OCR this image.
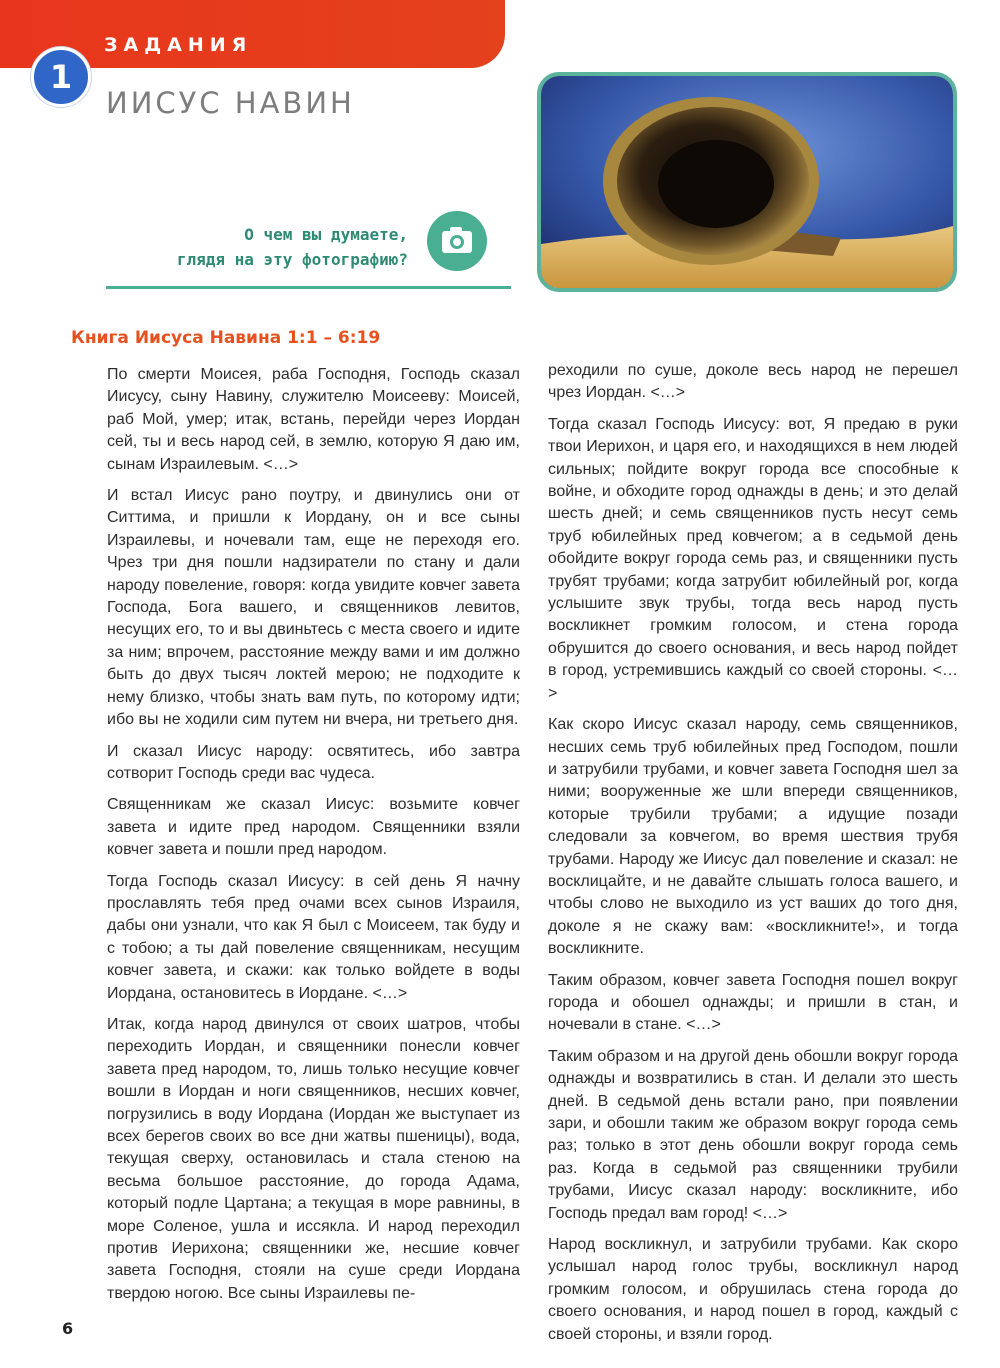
ЗАДАНИЯ
1
ИИСУС НАВИН
О чем вы думаете,
глядя на эту фотографию?
Книга Иисуса Навина 1:1 – 6:19

По смерти Моисея, раба Господня, Господь сказал Иисусу, сыну Навину, служителю Моисееву: Моисей, раб Мой, умер; итак, встань, перейди через Иордан сей, ты и весь народ сей, в землю, которую Я даю им, сынам Израилевым. <…>

И встал Иисус рано поутру, и двинулись они от Ситтима, и пришли к Иордану, он и все сыны Израилевы, и ночевали там, еще не переходя его. Чрез три дня пошли надзиратели по стану и дали народу повеление, говоря: когда увидите ковчег завета Господа, Бога вашего, и священников левитов, несущих его, то и вы двиньтесь с места своего и идите за ним; впрочем, расстояние между вами и им должно быть до двух тысяч локтей мерою; не подходите к нему близко, чтобы знать вам путь, по которому идти; ибо вы не ходили сим путем ни вчера, ни третьего дня.

И сказал Иисус народу: освятитесь, ибо завтра сотворит Господь среди вас чудеса.

Священникам же сказал Иисус: возьмите ковчег завета и идите пред народом. Священники взяли ковчег завета и пошли пред народом.

Тогда Господь сказал Иисусу: в сей день Я начну прославлять тебя пред очами всех сынов Израиля, дабы они узнали, что как Я был с Моисеем, так буду и с тобою; а ты дай повеление священникам, несущим ковчег завета, и скажи: как только войдете в воды Иордана, остановитесь в Иордане. <…>

Итак, когда народ двинулся от своих шатров, чтобы переходить Иордан, и священники понесли ковчег завета пред народом, то, лишь только несущие ковчег вошли в Иордан и ноги священников, несших ковчег, погрузились в воду Иордана (Иордан же выступает из всех берегов своих во все дни жатвы пшеницы), вода, текущая сверху, остановилась и стала стеною на весьма большое расстояние, до города Адама, который подле Цартана; а текущая в море равнины, в море Соленое, ушла и иссякла. И народ переходил против Иерихона; священники же, несшие ковчег завета Господня, стояли на суше среди Иордана твердою ногою. Все сыны Израилевы пе-

реходили по суше, доколе весь народ не перешел чрез Иордан. <…>

Тогда сказал Господь Иисусу: вот, Я предаю в руки твои Иерихон, и царя его, и находящихся в нем людей сильных; пойдите вокруг города все способные к войне, и обходите город однажды в день; и это делай шесть дней; и семь священников пусть несут семь труб юбилейных пред ковчегом; а в седьмой день обойдите вокруг города семь раз, и священники пусть трубят трубами; когда затрубит юбилейный рог, когда услышите звук трубы, тогда весь народ пусть воскликнет громким голосом, и стена города обрушится до своего основания, и весь народ пойдет в город, устремившись каждый со своей стороны. <…>

Как скоро Иисус сказал народу, семь священников, несших семь труб юбилейных пред Господом, пошли и затрубили трубами, и ковчег завета Господня шел за ними; вооруженные же шли впереди священников, которые трубили трубами; а идущие позади следовали за ковчегом, во время шествия трубя трубами. Народу же Иисус дал повеление и сказал: не восклицайте, и не давайте слышать голоса вашего, и чтобы слово не выходило из уст ваших до того дня, доколе я не скажу вам: «воскликните!», и тогда воскликните.

Таким образом, ковчег завета Господня пошел вокруг города и обошел однажды; и пришли в стан, и ночевали в стане. <…>

Таким образом и на другой день обошли вокруг города однажды и возвратились в стан. И делали это шесть дней. В седьмой день встали рано, при появлении зари, и обошли таким же образом вокруг города семь раз; только в этот день обошли вокруг города семь раз. Когда в седьмой раз священники трубили трубами, Иисус сказал народу: воскликните, ибо Господь предал вам город! <…>

Народ воскликнул, и затрубили трубами. Как скоро услышал народ голос трубы, воскликнул народ громким голосом, и обрушилась стена города до своего основания, и народ пошел в город, каждый с своей стороны, и взяли город.

6
